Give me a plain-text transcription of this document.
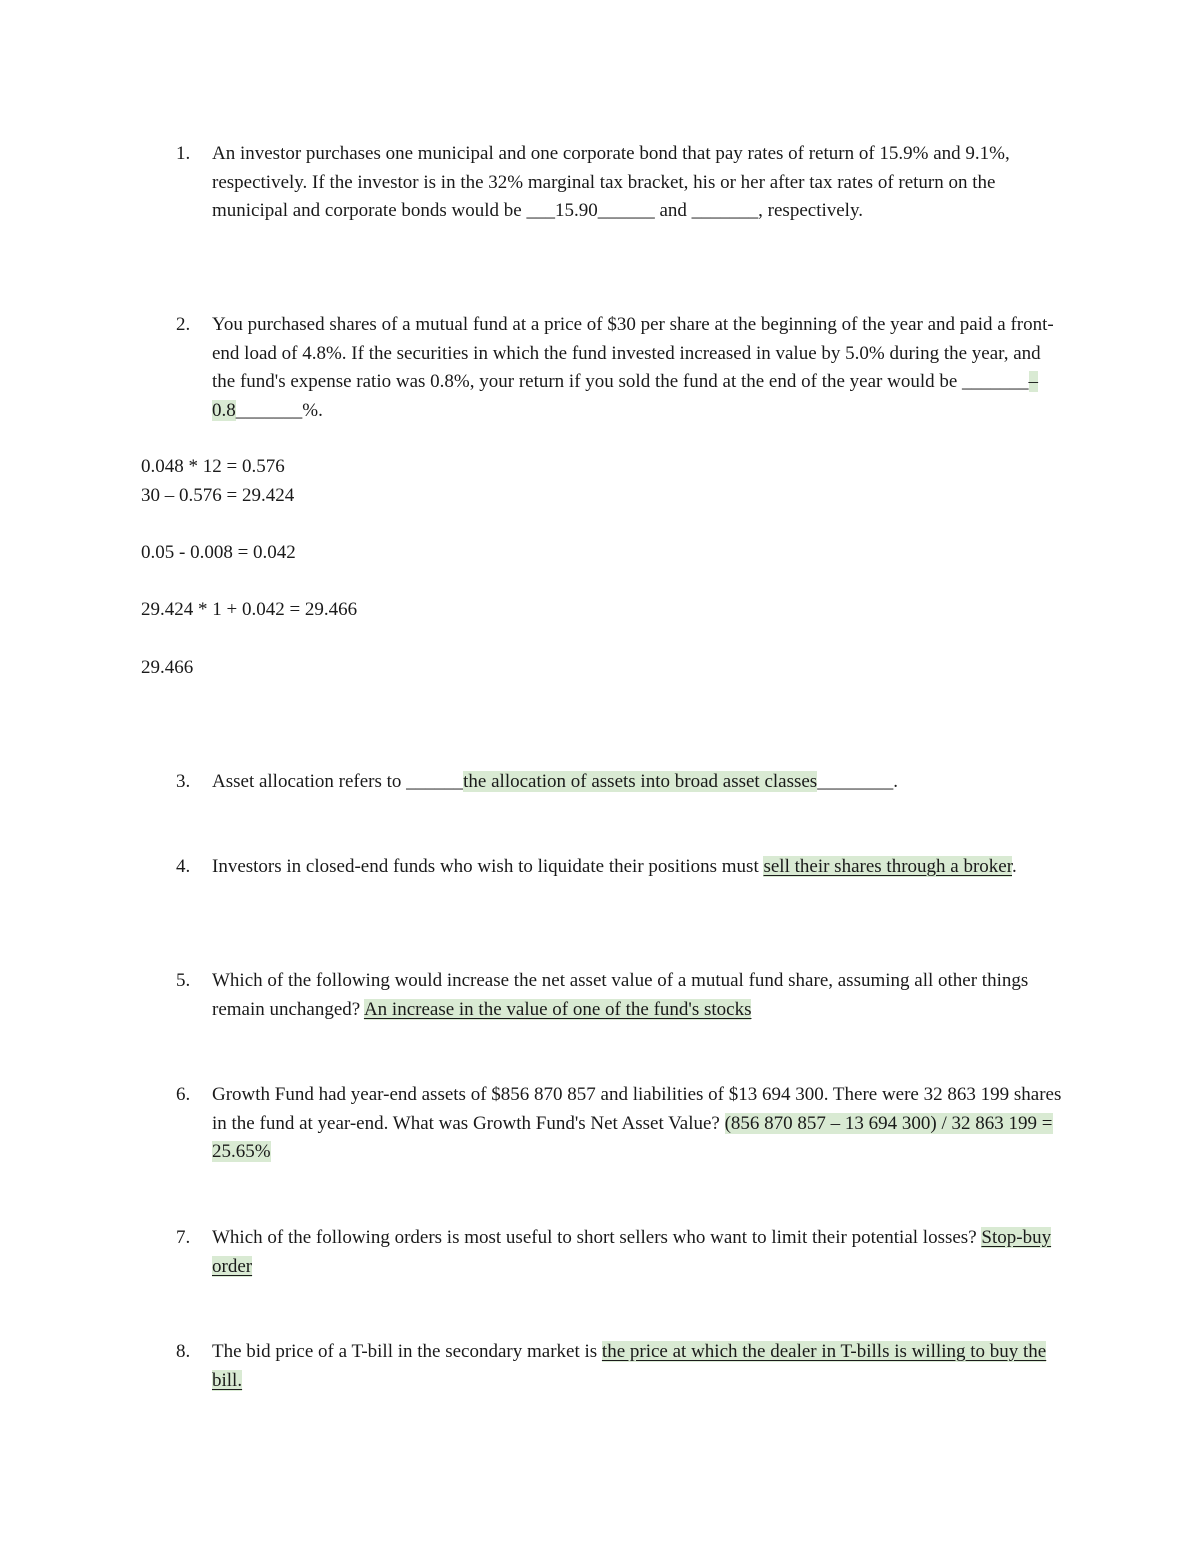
1.	An investor purchases one municipal and one corporate bond that pay rates of return of 15.9% and 9.1%, respectively. If the investor is in the 32% marginal tax bracket, his or her after tax rates of return on the municipal and corporate bonds would be ___15.90______ and _______, respectively.
2.	You purchased shares of a mutual fund at a price of $30 per share at the beginning of the year and paid a front-end load of 4.8%. If the securities in which the fund invested increased in value by 5.0% during the year, and the fund's expense ratio was 0.8%, your return if you sold the fund at the end of the year would be _______–0.8_______%.
0.048 * 12 = 0.576
30 – 0.576 = 29.424
0.05 - 0.008 = 0.042
29.424 * 1 + 0.042 = 29.466
29.466
3.	Asset allocation refers to ______the allocation of assets into broad asset classes________.
4.	Investors in closed-end funds who wish to liquidate their positions must sell their shares through a broker.
5.	Which of the following would increase the net asset value of a mutual fund share, assuming all other things remain unchanged? An increase in the value of one of the fund's stocks
6.	Growth Fund had year-end assets of $856 870 857 and liabilities of $13 694 300. There were 32 863 199 shares in the fund at year-end. What was Growth Fund's Net Asset Value? (856 870 857 – 13 694 300) / 32 863 199 = 25.65%
7.	Which of the following orders is most useful to short sellers who want to limit their potential losses? Stop-buy order
8.	The bid price of a T-bill in the secondary market is the price at which the dealer in T-bills is willing to buy the bill.
